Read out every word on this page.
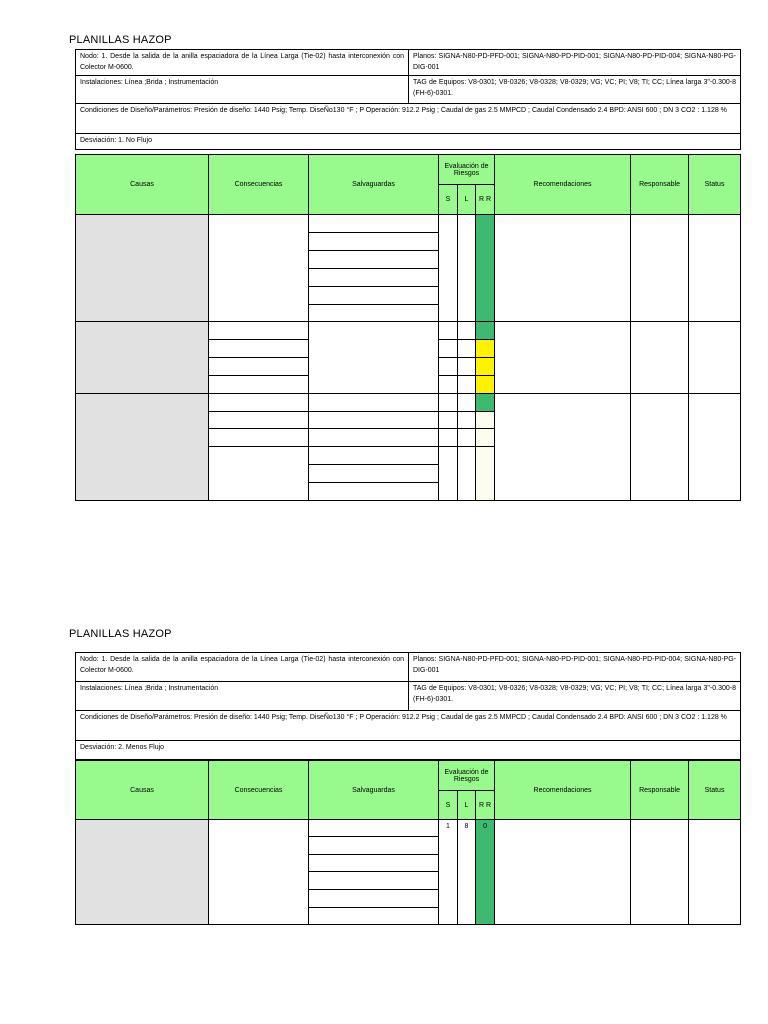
PLANILLAS HAZOP
Nodo: 1. Desde la salida de la anilla espaciadora de la Línea Larga (Tie-02) hasta interconexión con Colector M-0600.	Planos: SIGNA-N80-PD-PFD-001; SIGNA-N80-PD-PID-001; SIGNA-N80-PD-PID-004; SIGNA-N80-PG-DIG-001
Instalaciones: Línea ;Brida ; Instrumentación	TAG de Equipos: V8-0301; V8-0326; V8-0328; V8-0329; VG; VC; PI; V8; TI; CC; Línea larga 3"-0.300-8 (FH-6)-0301.
Condiciones de Diseño/Parámetros: Presión de diseño: 1440 Psig; Temp. DiseÑo130 °F ; P Operación: 912.2 Psig ; Caudal de gas 2.5 MMPCD ; Caudal Condensado 2.4 BPD: ANSI 600 ; DN 3 CO2 : 1.128 %	
Desviación: 1. No Flujo	
Causas	Consecuencias	Salvaguardas	Evaluación de Riesgos			Recomendaciones	Responsable	Status
			S	L	R R			

PLANILLAS HAZOP
Nodo: 1. Desde la salida de la anilla espaciadora de la Línea Larga (Tie-02) hasta interconexión con Colector M-0600.	Planos: SIGNA-N80-PD-PFD-001; SIGNA-N80-PD-PID-001; SIGNA-N80-PD-PID-004; SIGNA-N80-PG-DIG-001
Instalaciones: Línea ;Brida ; Instrumentación	TAG de Equipos: V8-0301; V8-0326; V8-0328; V8-0329; VG; VC; PI; V8; TI; CC; Línea larga 3"-0.300-8 (FH-6)-0301.
Condiciones de Diseño/Parámetros: Presión de diseño: 1440 Psig; Temp. DiseÑo130 °F ; P Operación: 912.2 Psig ; Caudal de gas 2.5 MMPCD ; Caudal Condensado 2.4 BPD: ANSI 600 ; DN 3 CO2 : 1.128 %	
Desviación: 2. Menos Flujo	
Causas	Consecuencias	Salvaguardas	Evaluación de Riesgos			Recomendaciones	Responsable	Status
			S	L	R R			
			1	8	0			
